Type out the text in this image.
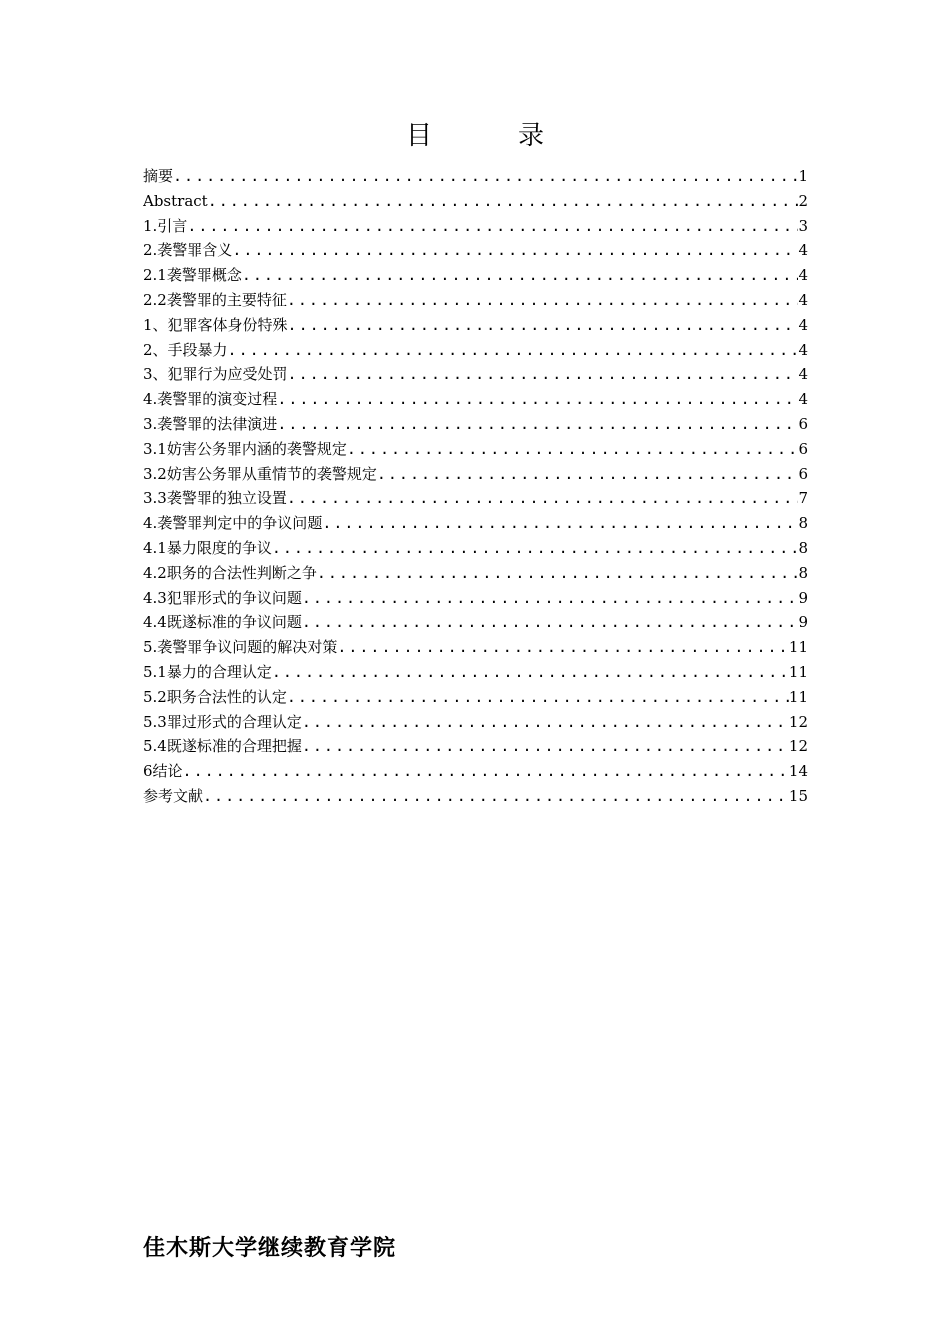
目　录
摘要 .....	1
Abstract .....	2
1.引言 .....	3
2.袭警罪含义 .....	4
2.1袭警罪概念 .....	4
2.2袭警罪的主要特征 .....	4
1、犯罪客体身份特殊 .....	4
2、手段暴力 .....	4
3、犯罪行为应受处罚 .....	4
4.袭警罪的演变过程 .....	4
3.袭警罪的法律演进 .....	6
3.1妨害公务罪内涵的袭警规定 .....	6
3.2妨害公务罪从重情节的袭警规定 .....	6
3.3袭警罪的独立设置 .....	7
4.袭警罪判定中的争议问题 .....	8
4.1暴力限度的争议 .....	8
4.2职务的合法性判断之争 .....	8
4.3犯罪形式的争议问题 .....	9
4.4既遂标准的争议问题 .....	9
5.袭警罪争议问题的解决对策 .....	11
5.1暴力的合理认定 .....	11
5.2职务合法性的认定 .....	11
5.3罪过形式的合理认定 .....	12
5.4既遂标准的合理把握 .....	12
6结论 .....	14
参考文献 .....	15
佳木斯大学继续教育学院
